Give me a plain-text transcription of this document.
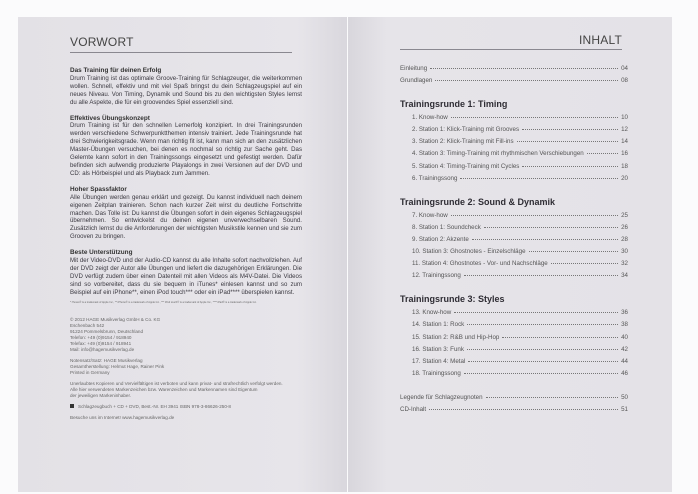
VORWORT
Das Training für deinen Erfolg

Drum Training ist das optimale Groove-Training für Schlagzeuger, die weiterkommen wollen. Schnell, effektiv und mit viel Spaß bringst du dein Schlagzeugspiel auf ein neues Niveau. Von Timing, Dynamik und Sound bis zu den wichtigsten Styles lernst du alle Aspekte, die für ein groovendes Spiel essenziell sind.

Effektives Übungskonzept

Drum Training ist für den schnellen Lernerfolg konzipiert. In drei Trainingsrunden werden verschiedene Schwerpunktthemen intensiv trainiert. Jede Trainingsrunde hat drei Schwierigkeitsgrade. Wenn man richtig fit ist, kann man sich an den zusätzlichen Master-Übungen versuchen, bei denen es nochmal so richtig zur Sache geht. Das Gelernte kann sofort in den Trainingssongs eingesetzt und gefestigt werden. Dafür befinden sich aufwendig produzierte Playalongs in zwei Versionen auf der DVD und CD: als Hörbeispiel und als Playback zum Jammen.

Hoher Spassfaktor

Alle Übungen werden genau erklärt und gezeigt. Du kannst individuell nach deinem eigenen Zeitplan trainieren. Schon nach kurzer Zeit wirst du deutliche Fortschritte machen. Das Tolle ist: Du kannst die Übungen sofort in dein eigenes Schlagzeugspiel übernehmen. So entwickelst du deinen eigenen unverwechselbaren Sound. Zusätzlich lernst du die Anforderungen der wichtigsten Musikstile kennen und sie zum Grooven zu bringen.

Beste Unterstützung

Mit der Video-DVD und der Audio-CD kannst du alle Inhalte sofort nachvollziehen. Auf der DVD zeigt der Autor alle Übungen und liefert die dazugehörigen Erklärungen. Die DVD verfügt zudem über einen Datenteil mit allen Videos als M4V-Datei. Die Videos sind so vorbereitet, dass du sie bequem in iTunes* einlesen kannst und so zum Beispiel auf ein iPhone**, einen iPod touch*** oder ein iPad**** überspielen kannst.

* iTunes® is a trademark of Apple Inc., ** iPhone® is a trademark of Apple Inc., *** iPod touch® is a trademark of Apple Inc., **** iPad® is a trademark of Apple Inc.

© 2012 HAGE Musikverlag GmbH & Co. KG
Eschenbach 542
91224 Pommelsbrunn, Deutschland
Telefon: +49 (0)9154 / 918940
Telefax: +49 (0)9154 / 918941
Mail: info@hagemusikverlag.de

Notensatz/Satz: HAGE Musikverlag
Gesamtherstellung: Helmut Hage, Rainer Pink
Printed in Germany

Unerlaubtes Kopieren und Vervielfältigen ist verboten und kann privat- und strafrechtlich verfolgt werden.
Alle hier verwendeten Markenzeichen bzw. Warenzeichen und Markennamen sind Eigentum
der jeweiligen Markeninhaber.

Schlagzeugbuch + CD + DVD, Best.-Nr. EH 3941 ISBN 978-3-86626-250-8

Besuche uns im Internet! www.hagemusikverlag.de

INHALT
Einleitung	04
Grundlagen	08
Trainingsrunde 1: Timing
1. Know-how	10
2. Station 1: Klick-Training mit Grooves	12
3. Station 2: Klick-Training mit Fill-ins	14
4. Station 3: Timing-Training mit rhythmischen Verschiebungen	16
5. Station 4: Timing-Training mit Cycles	18
6. Trainingssong	20
Trainingsrunde 2: Sound & Dynamik
7. Know-how	25
8. Station 1: Soundcheck	26
9. Station 2: Akzente	28
10. Station 3: Ghostnotes - Einzelschläge	30
11. Station 4: Ghostnotes - Vor- und Nachschläge	32
12. Trainingssong	34
Trainingsrunde 3: Styles
13. Know-how	36
14. Station 1: Rock	38
15. Station 2: R&B und Hip-Hop	40
16. Station 3: Funk	42
17. Station 4: Metal	44
18. Trainingssong	46
Legende für Schlagzeugnoten	50
CD-Inhalt	51
